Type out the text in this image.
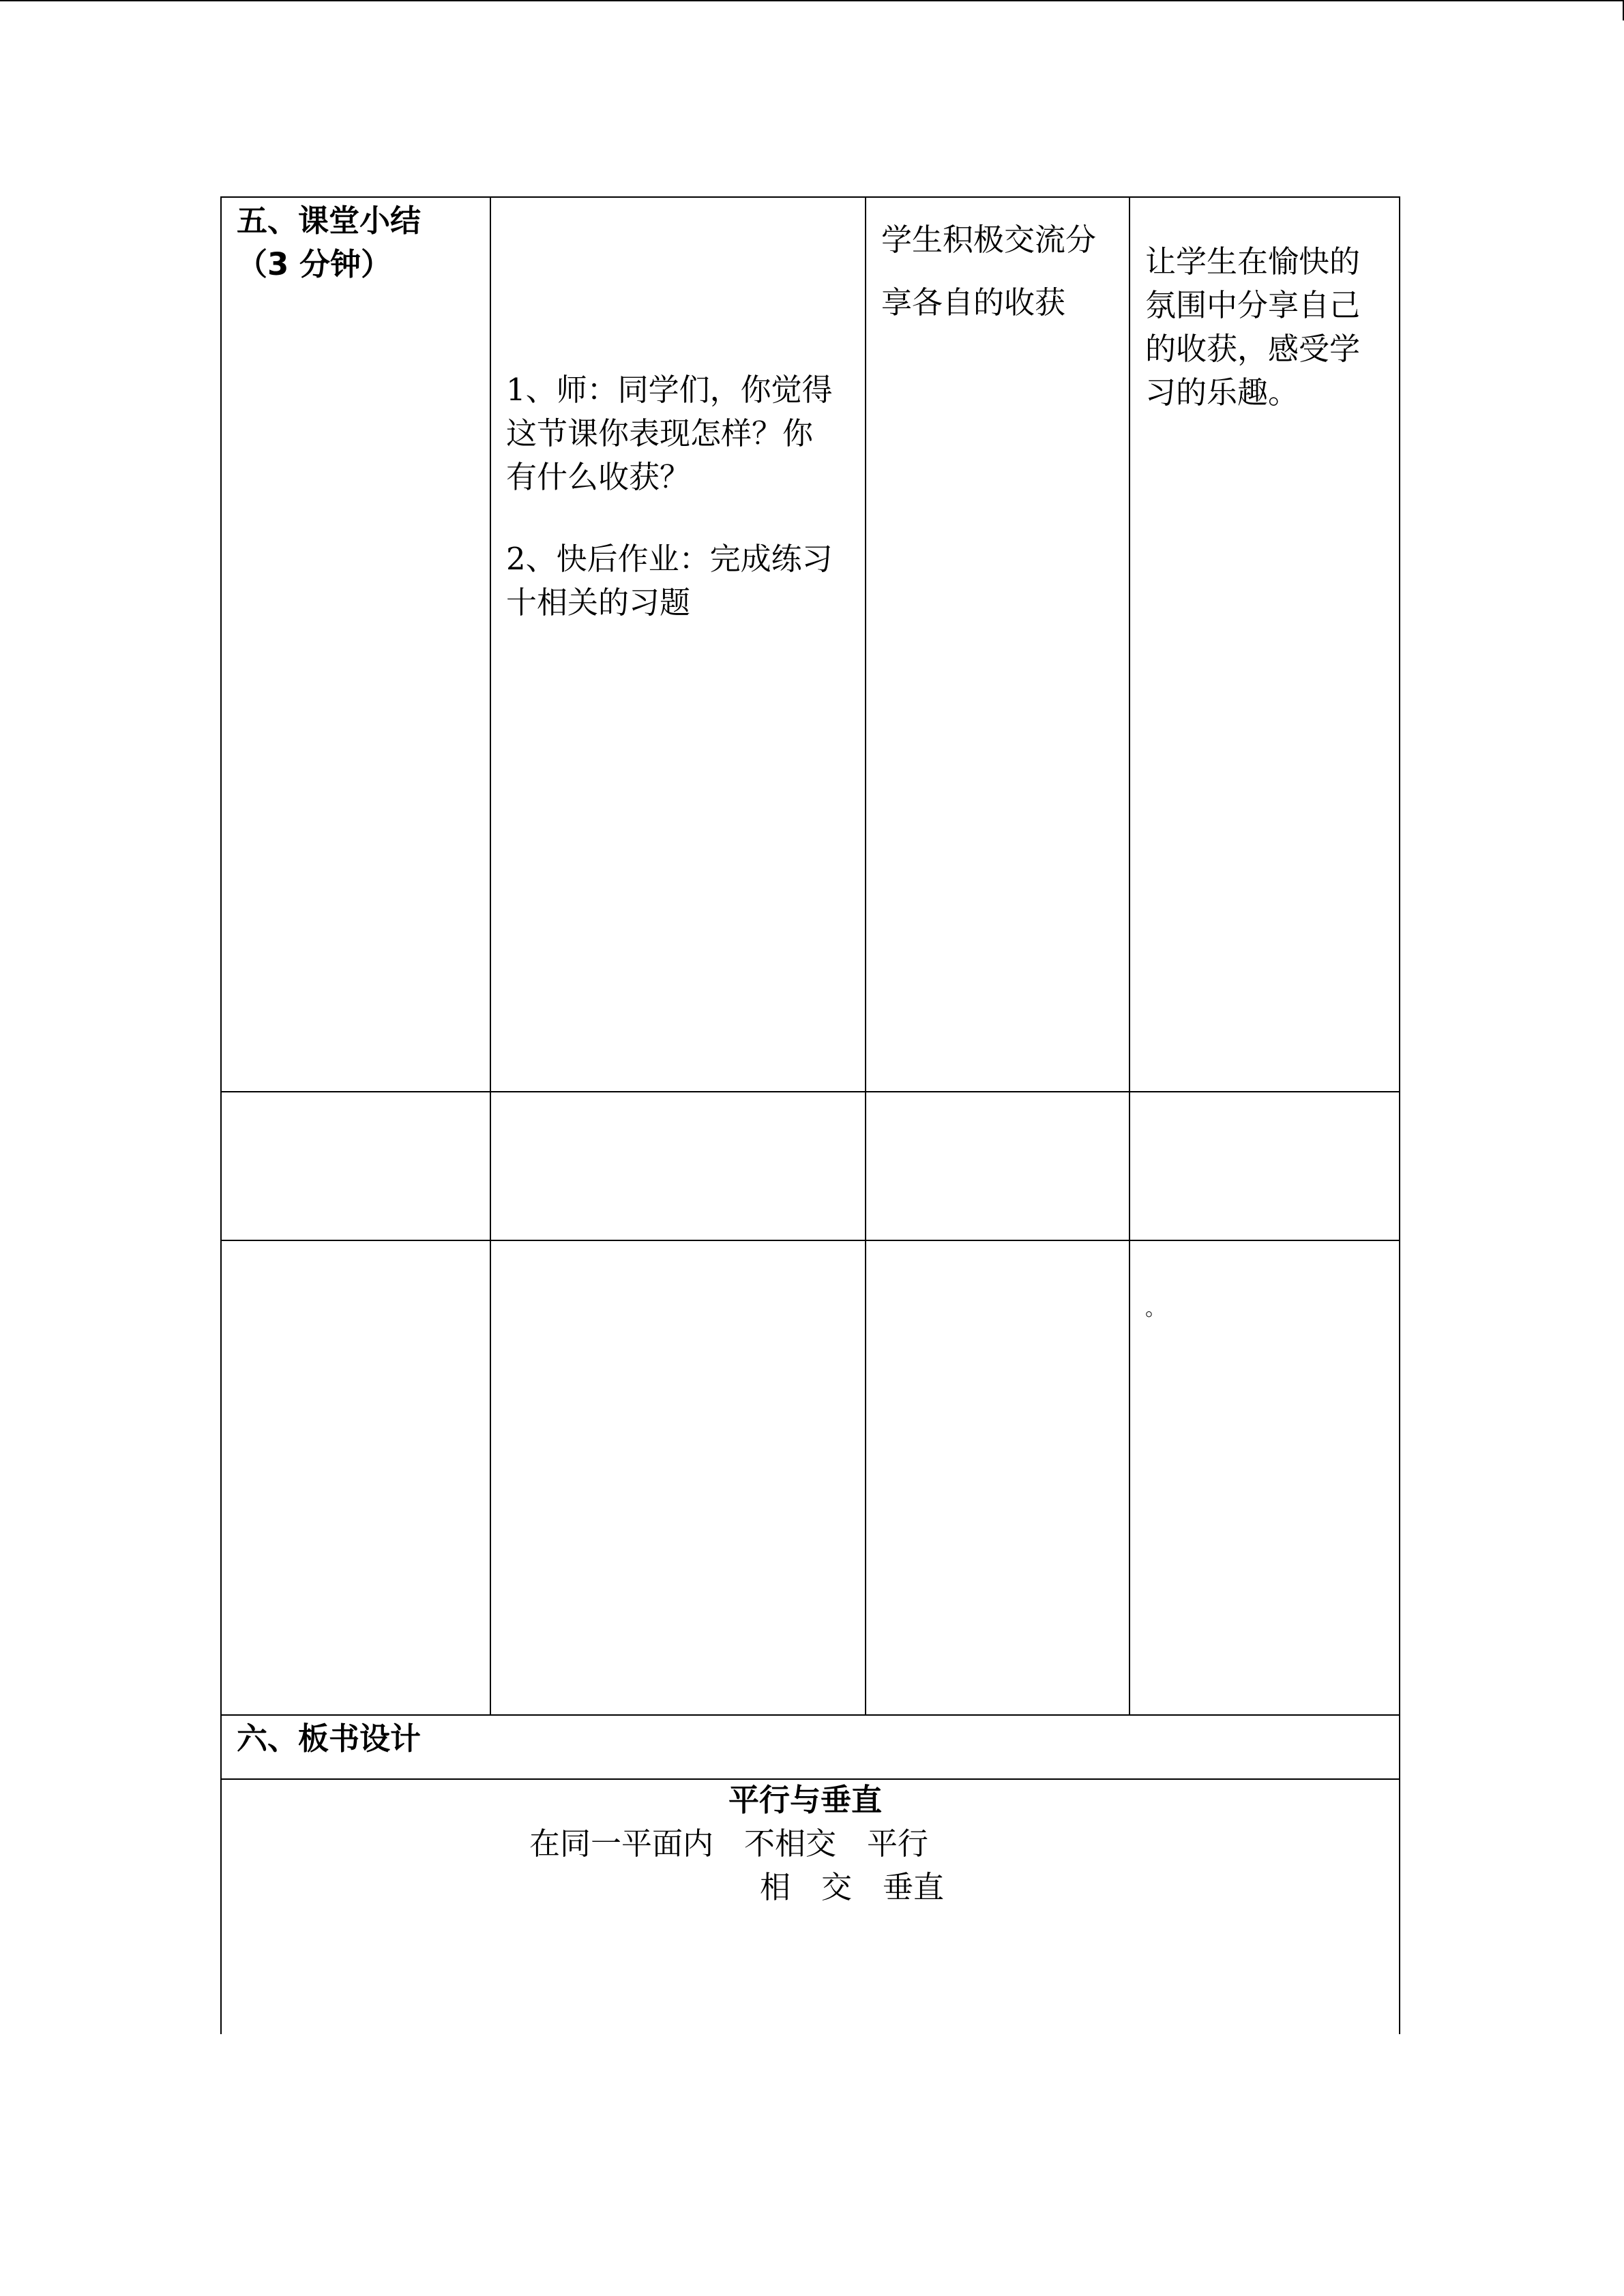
五、课堂小结
（3 分钟）
1、师：同学们，你觉得
这节课你表现怎样？你
有什么收获？
2、快后作业：完成练习
十相关的习题
学生积极交流分
享各自的收获
让学生在愉快的
氛围中分享自己
的收获，感受学
习的乐趣。
。
六、板书设计
平行与垂直
在同一平面内　不相交　平行
相　交　垂直
